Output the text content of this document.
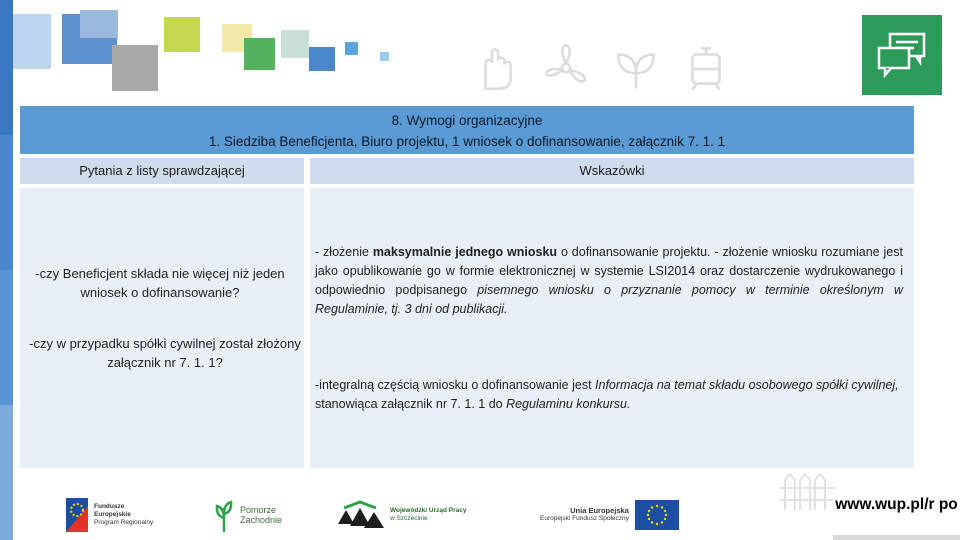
8. Wymogi organizacyjne
1. Siedziba Beneficjenta, Biuro projektu, 1 wniosek o dofinansowanie, załącznik 7. 1. 1
Pytania z listy sprawdzającej	Wskazówki
-czy Beneficjent składa nie więcej niż jeden wniosek o dofinansowanie?
-czy w przypadku spółki cywilnej został złożony załącznik nr 7. 1. 1?
- złożenie maksymalnie jednego wniosku o dofinansowanie projektu. - złożenie wniosku rozumiane jest jako opublikowanie go w formie elektronicznej w systemie LSI2014 oraz dostarczenie wydrukowanego i odpowiednio podpisanego pisemnego wniosku o przyznanie pomocy w terminie określonym w Regulaminie, tj. 3 dni od publikacji.
-integralną częścią wniosku o dofinansowanie jest Informacja na temat składu osobowego spółki cywilnej, stanowiąca załącznik nr 7. 1. 1 do Regulaminu konkursu.
Fundusze
Europejskie
Program Regionalny
Pomorze
Zachodnie
Wojewódzki Urząd Pracy
w Szczecinie
Unia Europejska
Europejski Fundusz Społeczny
www.wup.pl/r po
